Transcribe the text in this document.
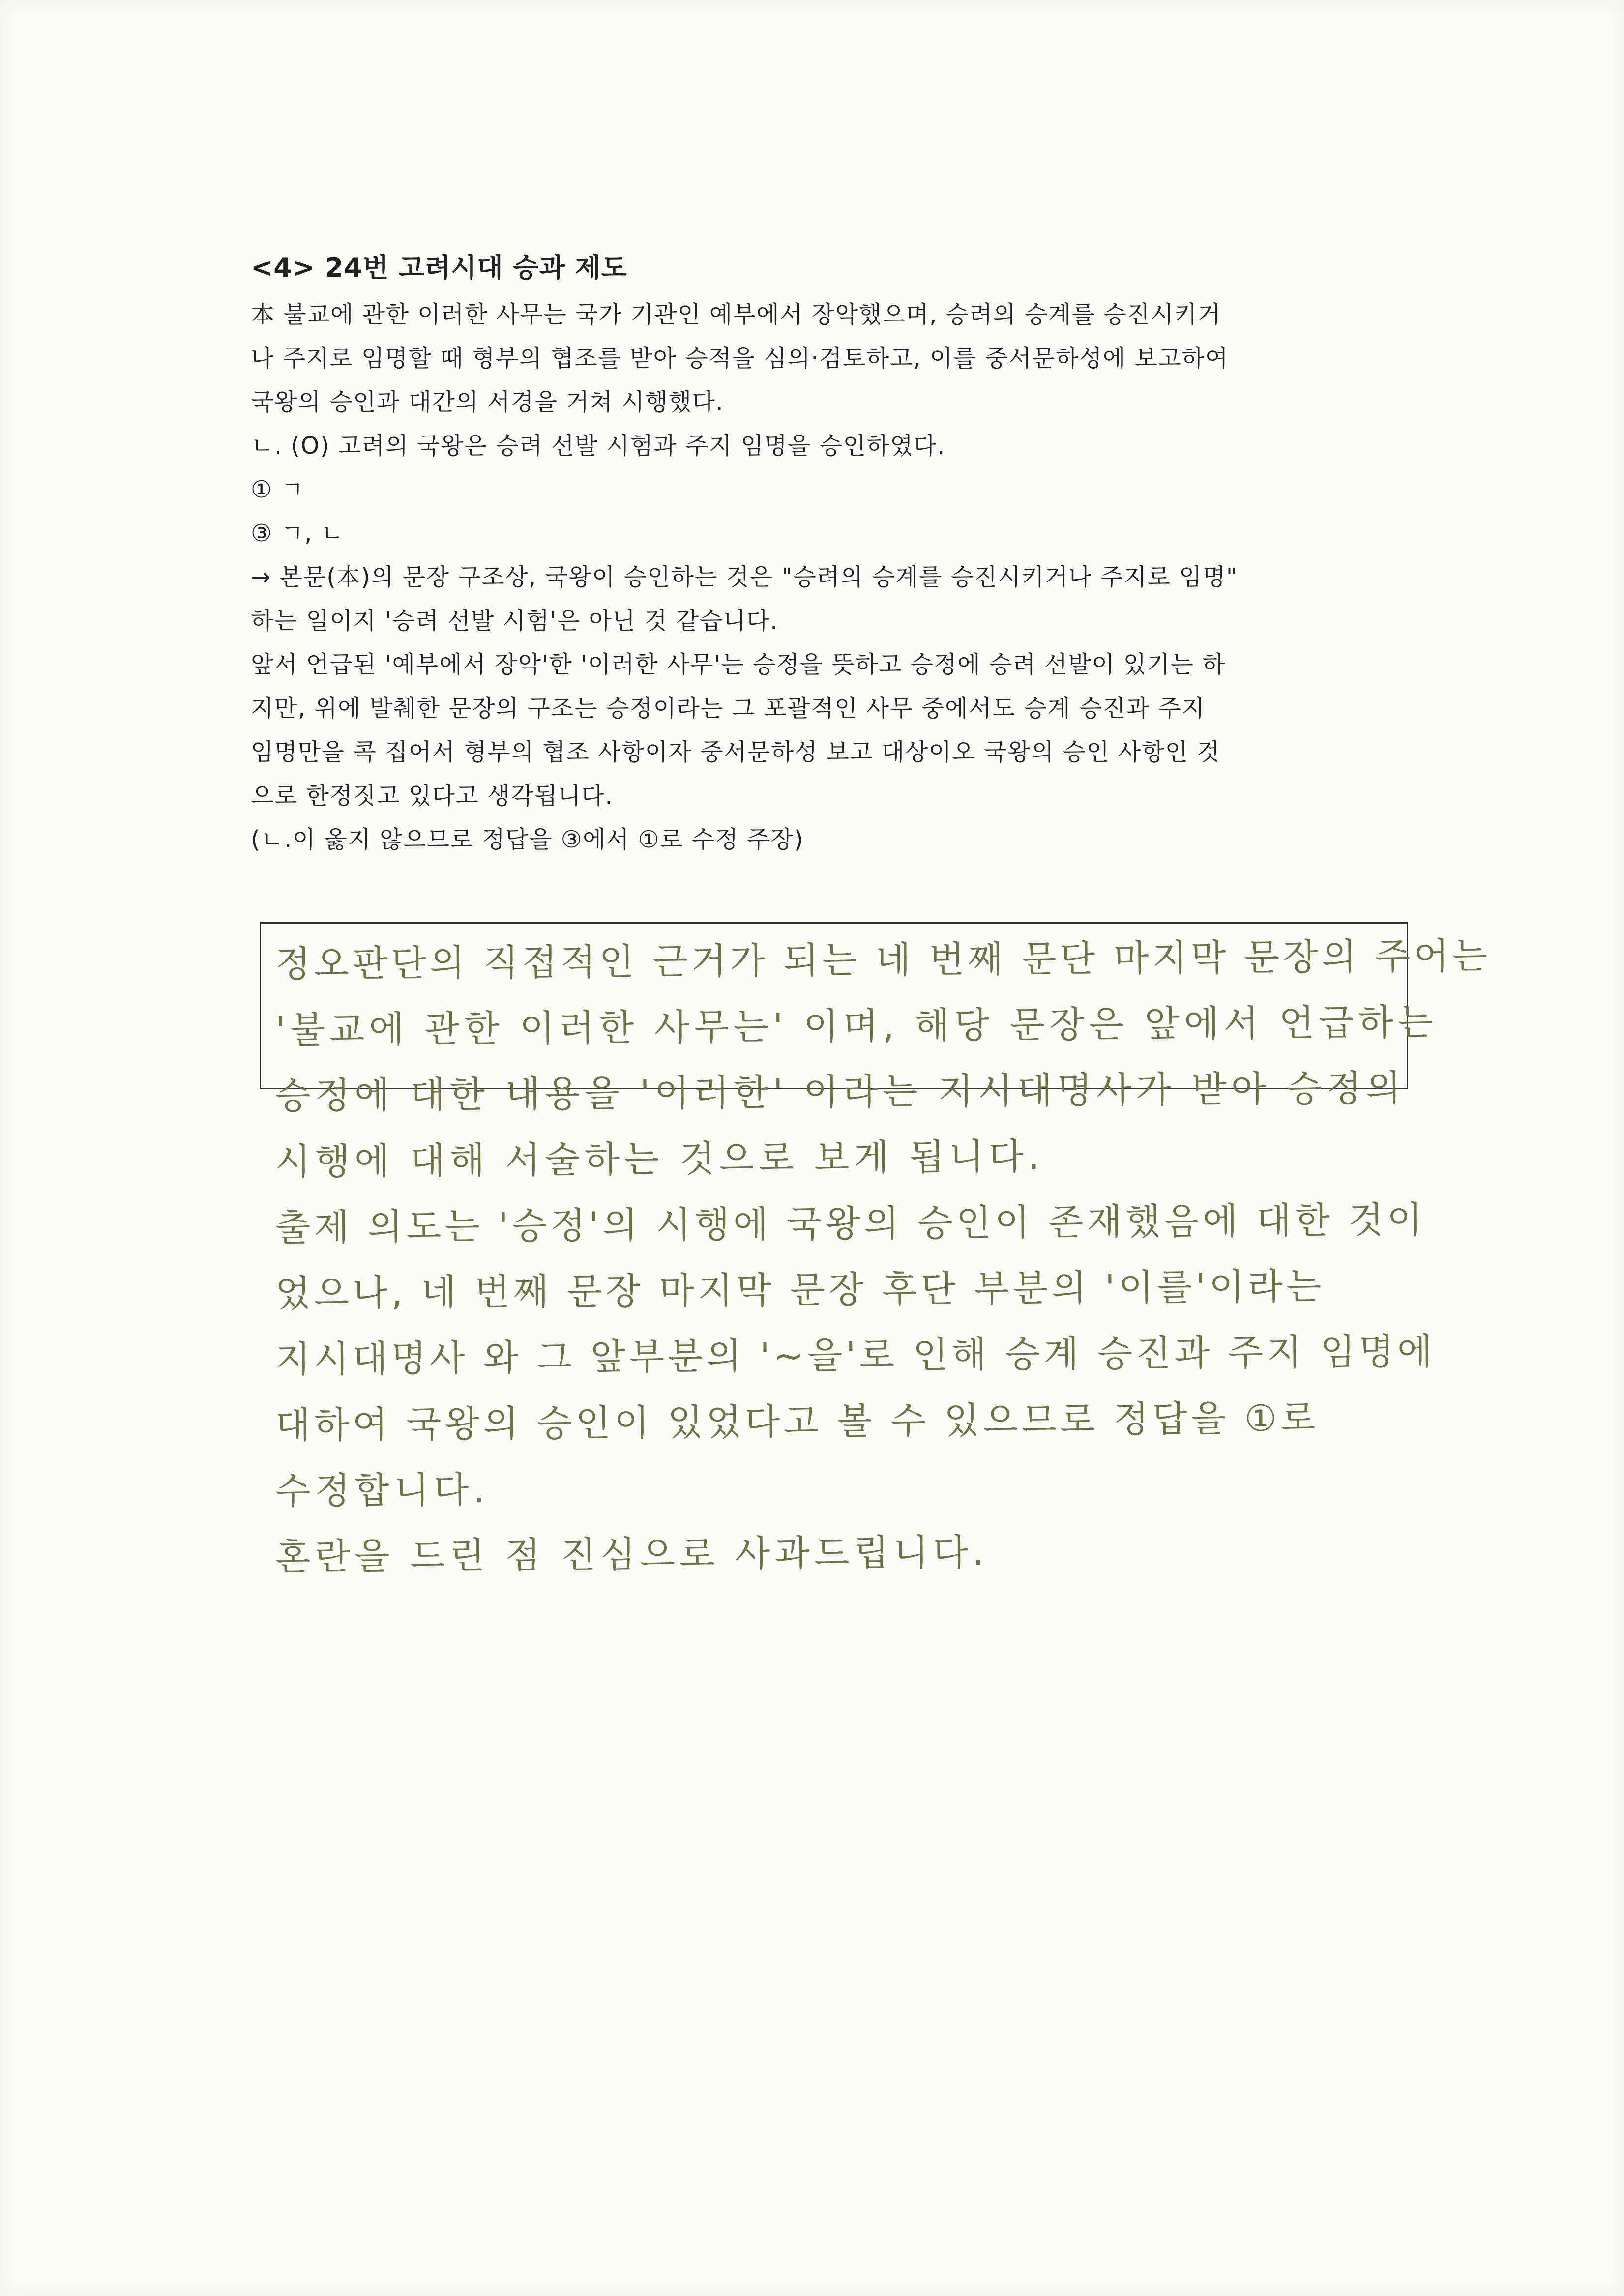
<4> 24번 고려시대 승과 제도
本 불교에 관한 이러한 사무는 국가 기관인 예부에서 장악했으며, 승려의 승계를 승진시키거
나 주지로 임명할 때 형부의 협조를 받아 승적을 심의·검토하고, 이를 중서문하성에 보고하여
국왕의 승인과 대간의 서경을 거쳐 시행했다.
ㄴ. (O) 고려의 국왕은 승려 선발 시험과 주지 임명을 승인하였다.
① ㄱ
③ ㄱ, ㄴ
→ 본문(本)의 문장 구조상, 국왕이 승인하는 것은 "승려의 승계를 승진시키거나 주지로 임명"
하는 일이지 '승려 선발 시험'은 아닌 것 같습니다.
앞서 언급된 '예부에서 장악'한 '이러한 사무'는 승정을 뜻하고 승정에 승려 선발이 있기는 하
지만, 위에 발췌한 문장의 구조는 승정이라는 그 포괄적인 사무 중에서도 승계 승진과 주지
임명만을 콕 집어서 형부의 협조 사항이자 중서문하성 보고 대상이오 국왕의 승인 사항인 것
으로 한정짓고 있다고 생각됩니다.
(ㄴ.이 옳지 않으므로 정답을 ③에서 ①로 수정 주장)
정오판단의 직접적인 근거가 되는 네 번째 문단 마지막 문장의 주어는
'불교에 관한 이러한 사무는' 이며, 해당 문장은 앞에서 언급하는
승정에 대한 내용을 '이러한' 이라는 지시대명사가 받아 승정의
시행에 대해 서술하는 것으로 보게 됩니다.
출제 의도는 '승정'의 시행에 국왕의 승인이 존재했음에 대한 것이
었으나, 네 번째 문장 마지막 문장 후단 부분의 '이를'이라는
지시대명사 와 그 앞부분의 '~을'로 인해 승계 승진과 주지 임명에
대하여 국왕의 승인이 있었다고 볼 수 있으므로 정답을 ①로
수정합니다.
혼란을 드린 점 진심으로 사과드립니다.
